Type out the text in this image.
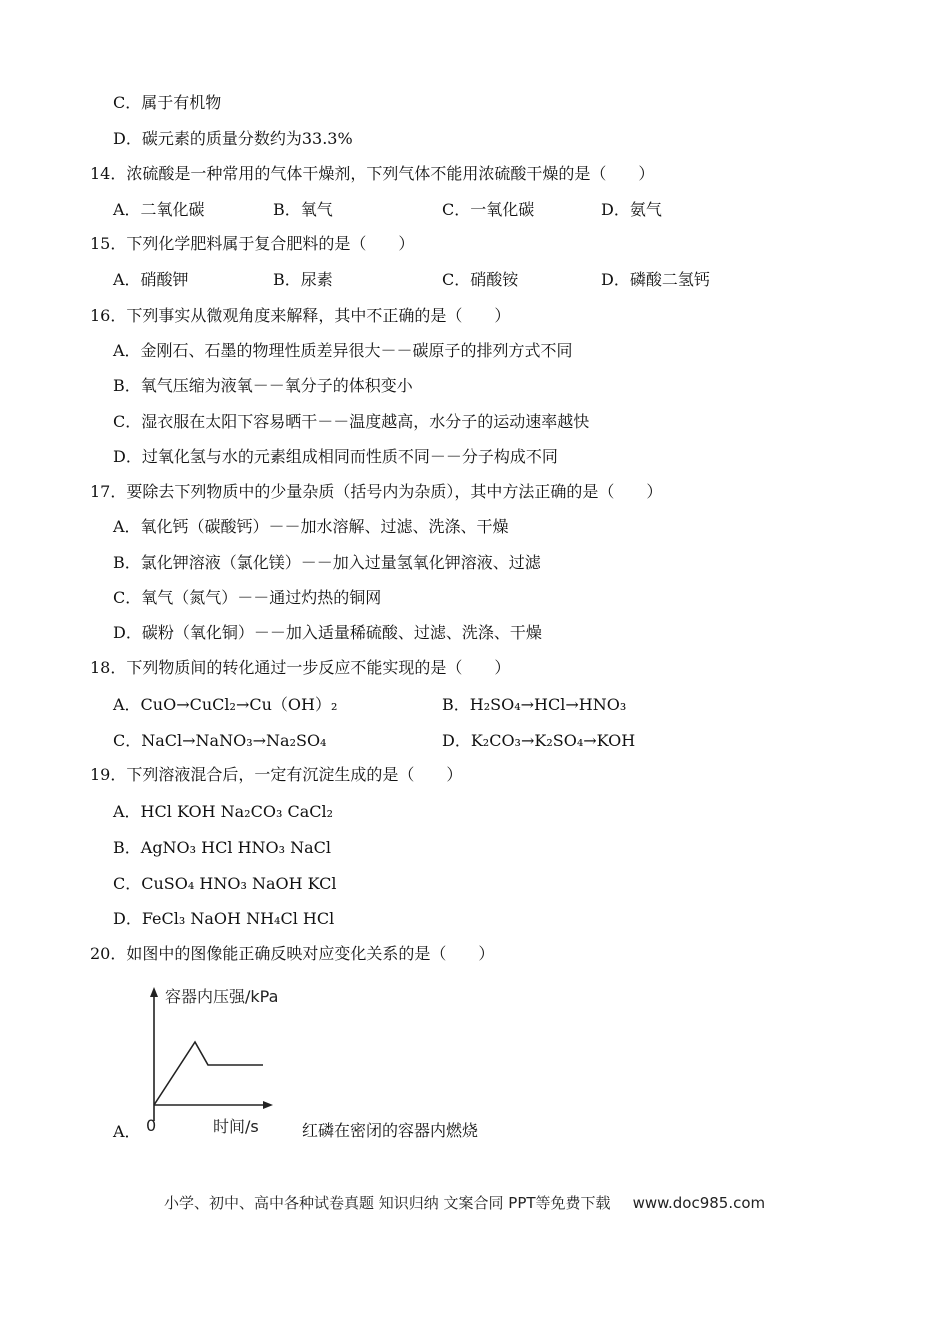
C．属于有机物
D．碳元素的质量分数约为33.3%
14．浓硫酸是一种常用的气体干燥剂，下列气体不能用浓硫酸干燥的是（　　）
A．二氧化碳	B．氧气	C．一氧化碳	D．氨气
15．下列化学肥料属于复合肥料的是（　　）
A．硝酸钾	B．尿素	C．硝酸铵	D．磷酸二氢钙
16．下列事实从微观角度来解释，其中不正确的是（　　）
A．金刚石、石墨的物理性质差异很大－－碳原子的排列方式不同
B．氧气压缩为液氧－－氧分子的体积变小
C．湿衣服在太阳下容易晒干－－温度越高，水分子的运动速率越快
D．过氧化氢与水的元素组成相同而性质不同－－分子构成不同
17．要除去下列物质中的少量杂质（括号内为杂质），其中方法正确的是（　　）
A．氧化钙（碳酸钙）－－加水溶解、过滤、洗涤、干燥
B．氯化钾溶液（氯化镁）－－加入过量氢氧化钾溶液、过滤
C．氧气（氮气）－－通过灼热的铜网
D．碳粉（氧化铜）－－加入适量稀硫酸、过滤、洗涤、干燥
18．下列物质间的转化通过一步反应不能实现的是（　　）
A．CuO→CuCl₂→Cu（OH）₂	B．H₂SO₄→HCl→HNO₃
C．NaCl→NaNO₃→Na₂SO₄	D．K₂CO₃→K₂SO₄→KOH
19．下列溶液混合后，一定有沉淀生成的是（　　）
A．HCl KOH Na₂CO₃ CaCl₂
B．AgNO₃ HCl HNO₃ NaCl
C．CuSO₄ HNO₃ NaOH KCl
D．FeCl₃ NaOH NH₄Cl HCl
20．如图中的图像能正确反映对应变化关系的是（　　）
容器内压强/kPa
时间/s
0
A．	红磷在密闭的容器内燃烧
小学、初中、高中各种试卷真题 知识归纳 文案合同 PPT等免费下载 www.doc985.com
